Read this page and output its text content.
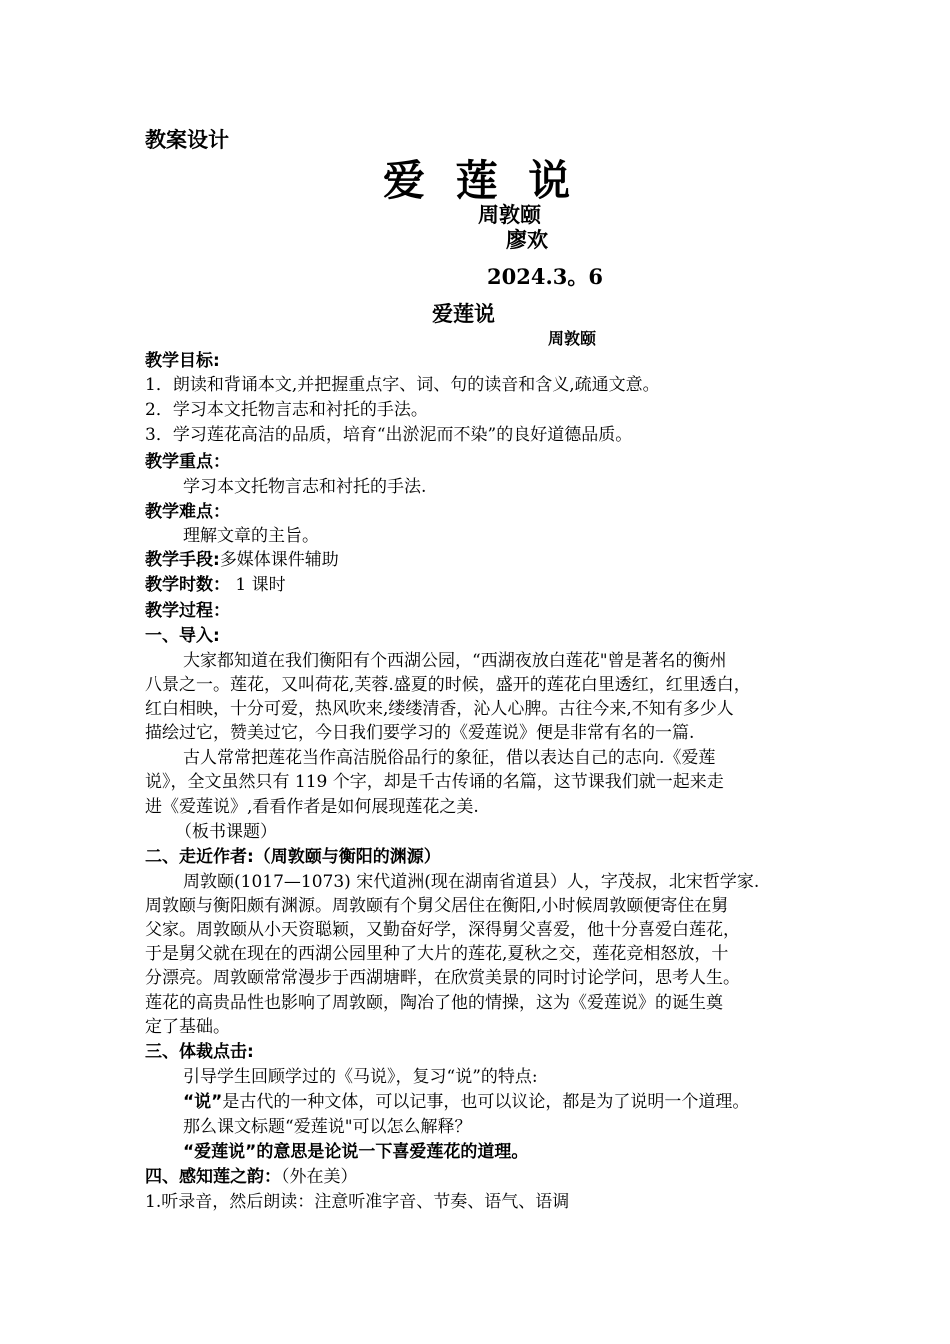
教案设计
爱 莲 说
周敦颐
廖欢
2024.3。6
爱莲说
周敦颐
教学目标:
1．朗读和背诵本文,并把握重点字、词、句的读音和含义,疏通文意。
2．学习本文托物言志和衬托的手法。
3．学习莲花高洁的品质，培育“出淤泥而不染”的良好道德品质。
教学重点：
学习本文托物言志和衬托的手法.
教学难点：
理解文章的主旨。
教学手段:多媒体课件辅助
教学时数： 1 课时
教学过程：
一、导入:
大家都知道在我们衡阳有个西湖公园，“西湖夜放白莲花"曾是著名的衡州
八景之一。莲花，又叫荷花,芙蓉.盛夏的时候，盛开的莲花白里透红，红里透白，
红白相映，十分可爱，热风吹来,缕缕清香，沁人心脾。古往今来,不知有多少人
描绘过它，赞美过它，今日我们要学习的《爱莲说》便是非常有名的一篇.
古人常常把莲花当作高洁脱俗品行的象征，借以表达自己的志向.《爱莲
说》，全文虽然只有 119 个字，却是千古传诵的名篇，这节课我们就一起来走
进《爱莲说》,看看作者是如何展现莲花之美.
（板书课题）
二、走近作者:（周敦颐与衡阳的渊源）
周敦颐(1017—1073) 宋代道洲(现在湖南省道县）人，字茂叔，北宋哲学家.
周敦颐与衡阳颇有渊源。周敦颐有个舅父居住在衡阳,小时候周敦颐便寄住在舅
父家。周敦颐从小天资聪颖，又勤奋好学，深得舅父喜爱，他十分喜爱白莲花，
于是舅父就在现在的西湖公园里种了大片的莲花,夏秋之交，莲花竞相怒放，十
分漂亮。周敦颐常常漫步于西湖塘畔，在欣赏美景的同时讨论学问，思考人生。
莲花的高贵品性也影响了周敦颐，陶冶了他的情操，这为《爱莲说》的诞生奠
定了基础。
三、体裁点击:
引导学生回顾学过的《马说》，复习“说”的特点:
“说”是古代的一种文体，可以记事，也可以议论，都是为了说明一个道理。
那么课文标题“爱莲说"可以怎么解释？
“爱莲说”的意思是论说一下喜爱莲花的道理。
四、感知莲之韵：（外在美）
1.听录音，然后朗读：注意听准字音、节奏、语气、语调
